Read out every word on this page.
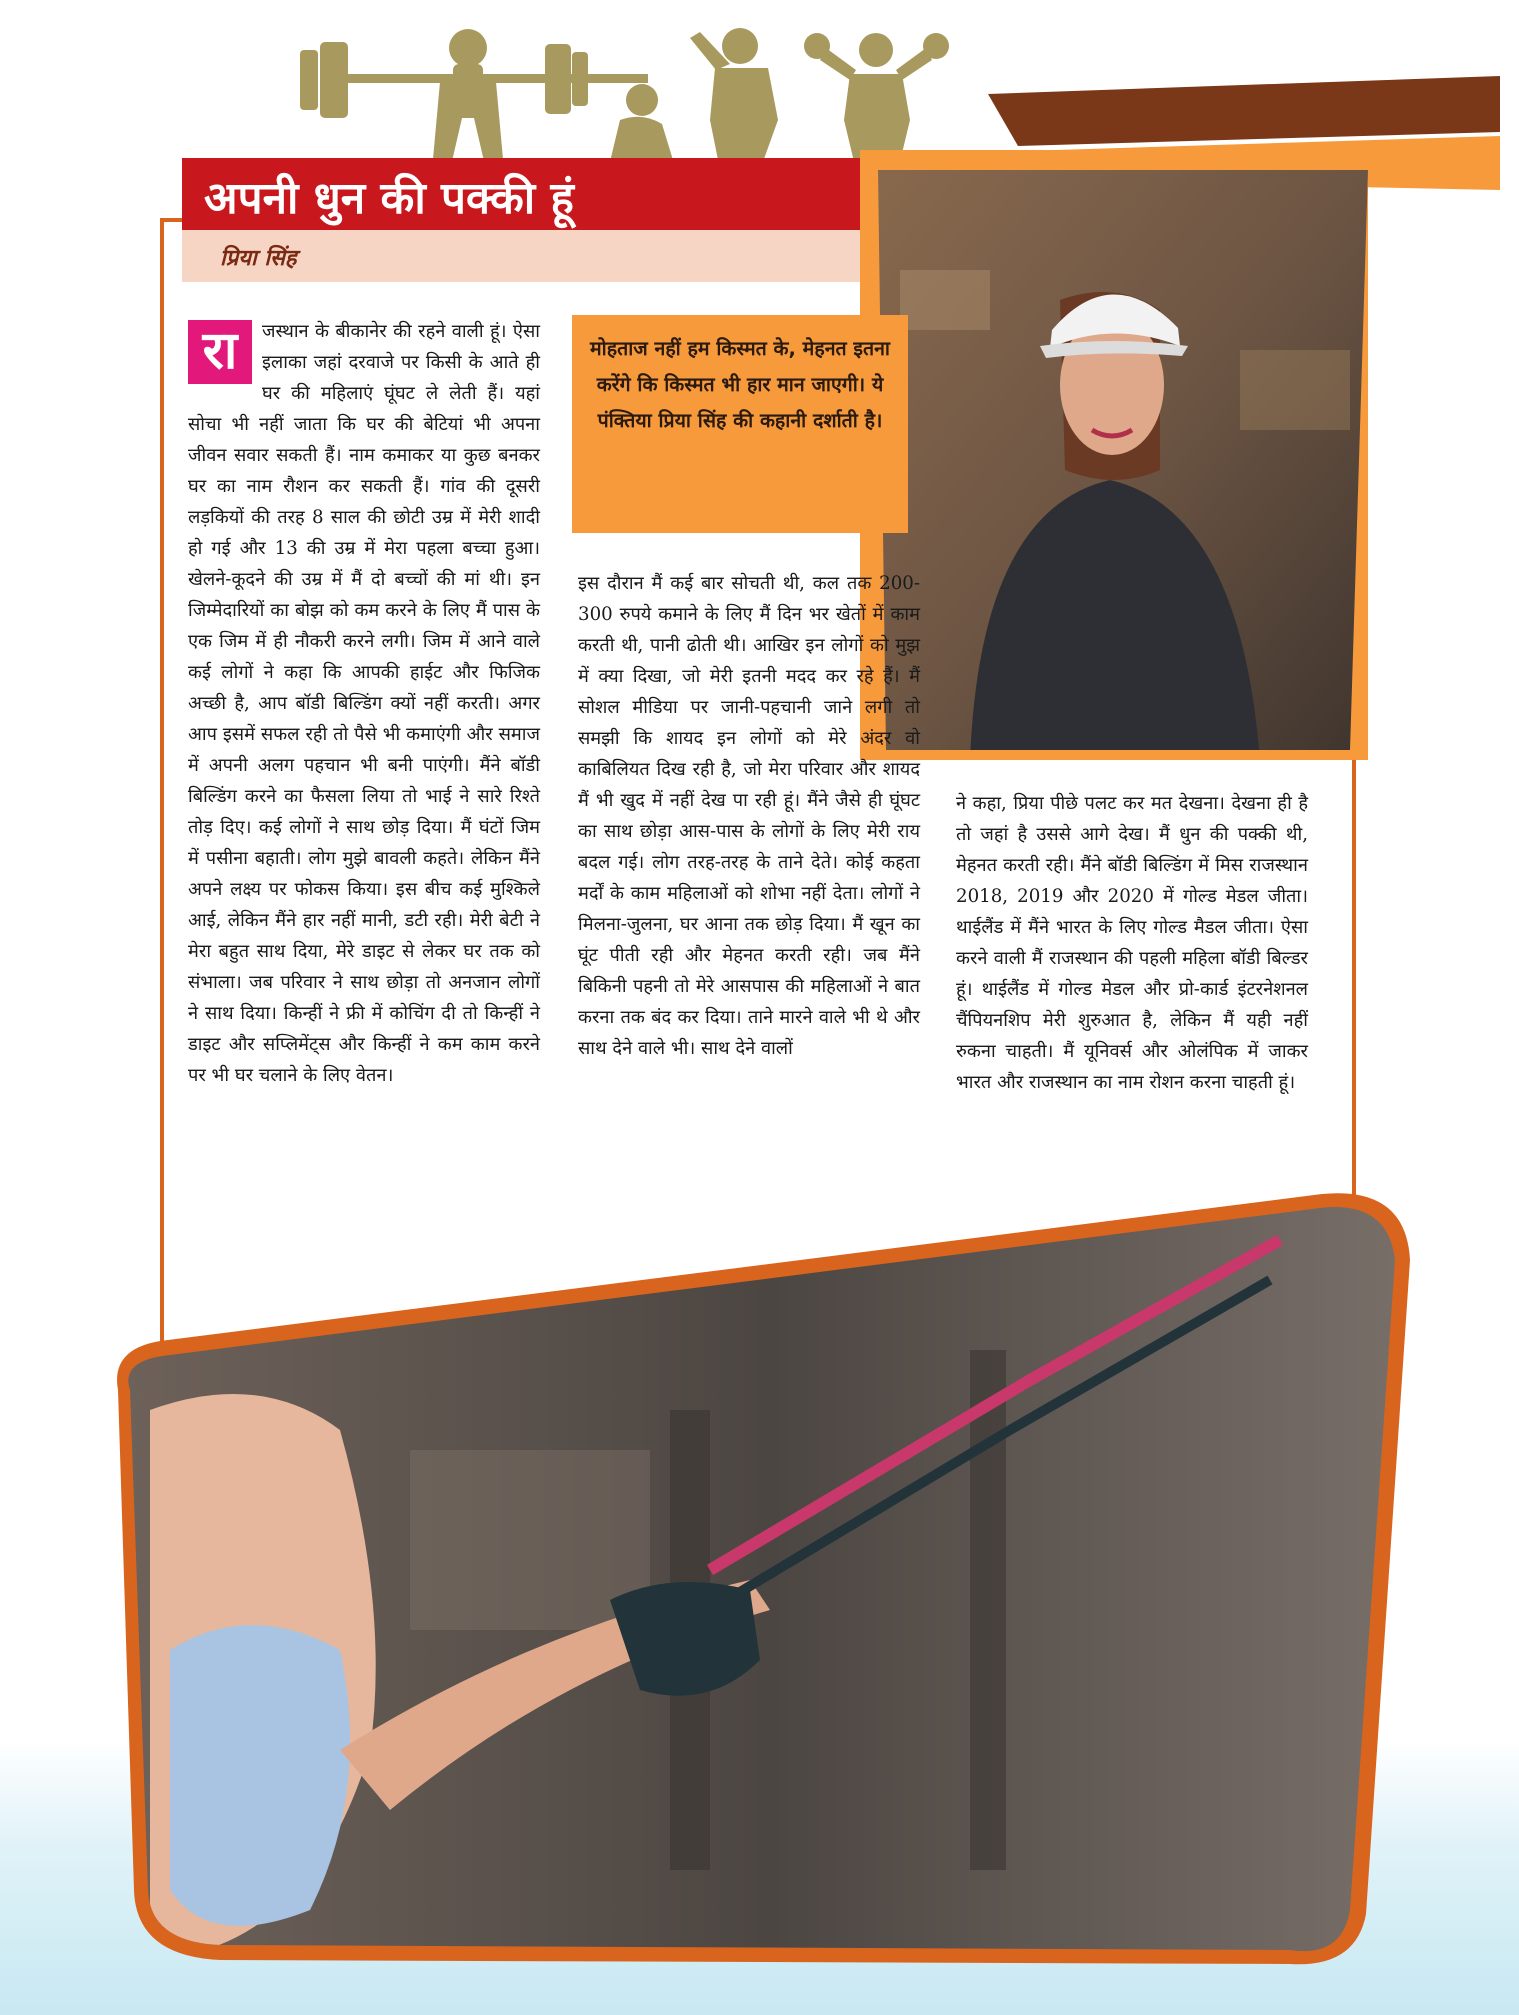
अपनी धुन की पक्की हूं
प्रिया सिंह
रा	जस्थान के बीकानेर की रहने वाली हूं। ऐसा इलाका जहां दरवाजे पर किसी के आते ही घर की महिलाएं घूंघट ले लेती हैं। यहां सोचा भी नहीं जाता कि घर की बेटियां भी अपना जीवन सवार सकती हैं। नाम कमाकर या कुछ बनकर घर का नाम रौशन कर सकती हैं। गांव की दूसरी लड़कियों की तरह 8 साल की छोटी उम्र में मेरी शादी हो गई और 13 की उम्र में मेरा पहला बच्चा हुआ। खेलने-कूदने की उम्र में मैं दो बच्चों की मां थी। इन जिम्मेदारियों का बोझ को कम करने के लिए मैं पास के एक जिम में ही नौकरी करने लगी। जिम में आने वाले कई लोगों ने कहा कि आपकी हाईट और फिजिक अच्छी है, आप बॉडी बिल्डिंग क्यों नहीं करती। अगर आप इसमें सफल रही तो पैसे भी कमाएंगी और समाज में अपनी अलग पहचान भी बनी पाएंगी। मैंने बॉडी बिल्डिंग करने का फैसला लिया तो भाई ने सारे रिश्ते तोड़ दिए। कई लोगों ने साथ छोड़ दिया। मैं घंटों जिम में पसीना बहाती। लोग मुझे बावली कहते। लेकिन मैंने अपने लक्ष्य पर फोकस किया। इस बीच कई मुश्किले आई, लेकिन मैंने हार नहीं मानी, डटी रही। मेरी बेटी ने मेरा बहुत साथ दिया, मेरे डाइट से लेकर घर तक को संभाला। जब परिवार ने साथ छोड़ा तो अनजान लोगों ने साथ दिया। किन्हीं ने फ्री में कोचिंग दी तो किन्हीं ने डाइट और सप्लिमेंट्स और किन्हीं ने कम काम करने पर भी घर चलाने के लिए वेतन।
मोहताज नहीं हम किस्मत के, मेहनत इतना करेंगे कि किस्मत भी हार मान जाएगी। ये पंक्तिया प्रिया सिंह की कहानी दर्शाती है।
इस दौरान मैं कई बार सोचती थी, कल तक 200-300 रुपये कमाने के लिए मैं दिन भर खेतों में काम करती थी, पानी ढोती थी। आखिर इन लोगों को मुझ में क्या दिखा, जो मेरी इतनी मदद कर रहे हैं। मैं सोशल मीडिया पर जानी-पहचानी जाने लगी तो समझी कि शायद इन लोगों को मेरे अंदर वो काबिलियत दिख रही है, जो मेरा परिवार और शायद मैं भी खुद में नहीं देख पा रही हूं। मैंने जैसे ही घूंघट का साथ छोड़ा आस-पास के लोगों के लिए मेरी राय बदल गई। लोग तरह-तरह के ताने देते। कोई कहता मर्दों के काम महिलाओं को शोभा नहीं देता। लोगों ने मिलना-जुलना, घर आना तक छोड़ दिया। मैं खून का घूंट पीती रही और मेहनत करती रही। जब मैंने बिकिनी पहनी तो मेरे आसपास की महिलाओं ने बात करना तक बंद कर दिया। ताने मारने वाले भी थे और साथ देने वाले भी। साथ देने वालों
ने कहा, प्रिया पीछे पलट कर मत देखना। देखना ही है तो जहां है उससे आगे देख। मैं धुन की पक्की थी, मेहनत करती रही। मैंने बॉडी बिल्डिंग में मिस राजस्थान 2018, 2019 और 2020 में गोल्ड मेडल जीता। थाईलैंड में मैंने भारत के लिए गोल्ड मैडल जीता। ऐसा करने वाली मैं राजस्थान की पहली महिला बॉडी बिल्डर हूं। थाईलैंड में गोल्ड मेडल और प्रो-कार्ड इंटरनेशनल चैंपियनशिप मेरी शुरुआत है, लेकिन मैं यही नहीं रुकना चाहती। मैं यूनिवर्स और ओलंपिक में जाकर भारत और राजस्थान का नाम रोशन करना चाहती हूं।
